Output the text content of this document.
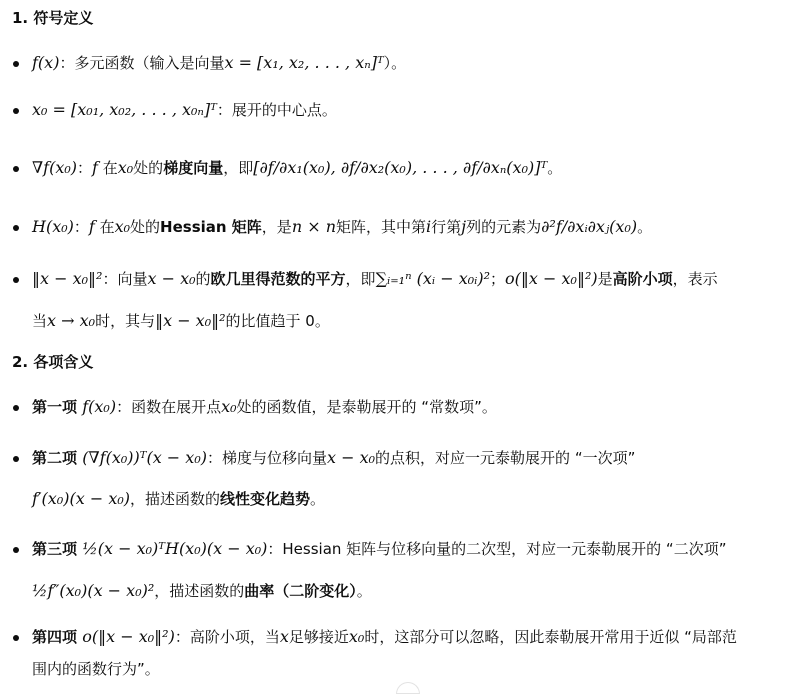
1. 符号定义
f(x)：多元函数（输入是向量x = [x₁, x₂, . . . , xₙ]ᵀ）。
x₀ = [x₀₁, x₀₂, . . . , x₀ₙ]ᵀ：展开的中心点。
∇f(x₀)：f 在x₀处的梯度向量，即[∂f/∂x₁(x₀), ∂f/∂x₂(x₀), . . . , ∂f/∂xₙ(x₀)]ᵀ。
H(x₀)：f 在x₀处的Hessian 矩阵，是n × n矩阵，其中第i行第j列的元素为∂²f/∂xᵢ∂xⱼ(x₀)。
‖x − x₀‖²：向量x − x₀的欧几里得范数的平方，即∑ᵢ₌₁ⁿ (xᵢ − x₀ᵢ)²；o(‖x − x₀‖²)是高阶小项，表示
当x → x₀时，其与‖x − x₀‖²的比值趋于 0。
2. 各项含义
第一项 f(x₀)：函数在展开点x₀处的函数值，是泰勒展开的 “常数项”。
第二项 (∇f(x₀))ᵀ(x − x₀)：梯度与位移向量x − x₀的点积，对应一元泰勒展开的 “一次项”
f′(x₀)(x − x₀)，描述函数的线性变化趋势。
第三项 ½(x − x₀)ᵀH(x₀)(x − x₀)：Hessian 矩阵与位移向量的二次型，对应一元泰勒展开的 “二次项”
½f″(x₀)(x − x₀)²，描述函数的曲率（二阶变化）。
第四项 o(‖x − x₀‖²)：高阶小项，当x足够接近x₀时，这部分可以忽略，因此泰勒展开常用于近似 “局部范
围内的函数行为”。
